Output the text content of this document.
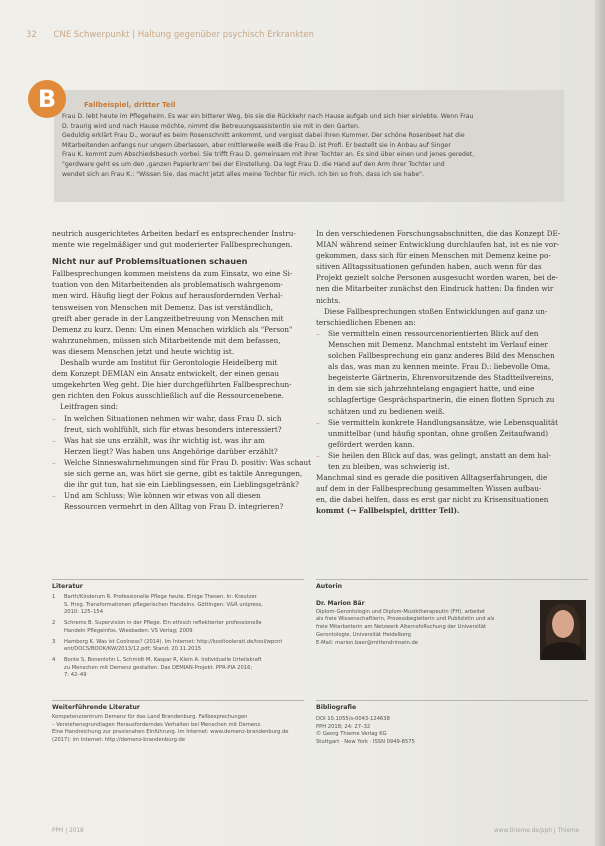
32 CNE Schwerpunkt | Haltung gegenüber psychisch Erkrankten
B	Fallbeispiel, dritter Teil
Frau D. lebt heute im Pflegeheim. Es war ein bitterer Weg, bis sie die Rückkehr nach Hause aufgab und sich hier einlebte. Wenn Frau
D. traurig wird und nach Hause möchte, nimmt die Betreuungsassistentin sie mit in den Garten.
Geduldig erklärt Frau D., worauf es beim Rosenschnitt ankommt, und vergisst dabei ihren Kummer. Der schöne Rosenbeet hat die
Mitarbeitenden anfangs nur ungern überlassen, aber mittlerweile weiß die Frau D. ist Profi. Er bestellt sie in Anbau auf Singer
Frau K. kommt zum Abschiedsbesuch vorbei. Sie trifft Frau D. gemeinsam mit ihrer Tochter an. Es sind über einen und jenes geredet,
"gerdware geht es um den ,ganzen Papierkram' bei der Einstellung. Da legt Frau D. die Hand auf den Arm ihrer Tochter und
wendet sich an Frau K.: "Wissen Sie, das macht jetzt alles meine Tochter für mich. Ich bin so froh, dass ich sie habe".
neutrich ausgerichtetes Arbeiten bedarf es entsprechender Instru-
mente wie regelmäßiger und gut moderierter Fallbesprechungen.
Nicht nur auf Problemsituationen schauen
Fallbesprechungen kommen meistens da zum Einsatz, wo eine Si-
tuation von den Mitarbeitenden als problematisch wahrgenom-
men wird. Häufig liegt der Fokus auf herausfordernden Verhal-
tensweisen von Menschen mit Demenz. Das ist verständlich,
greift aber gerade in der Langzeitbetreuung von Menschen mit
Demenz zu kurz. Denn: Um einen Menschen wirklich als "Person"
wahrzunehmen, müssen sich Mitarbeitende mit dem befassen,
was diesem Menschen jetzt und heute wichtig ist.
Deshalb wurde am Institut für Gerontologie Heidelberg mit
dem Konzept DEMIAN ein Ansatz entwickelt, der einen genau
umgekehrten Weg geht. Die hier durchgeführten Fallbesprechun-
gen richten den Fokus ausschließlich auf die Ressourcenebene.
Leitfragen sind:
–	In welchen Situationen nehmen wir wahr, dass Frau D. sich
freut, sich wohlfühlt, sich für etwas besonders interessiert?
–	Was hat sie uns erzählt, was ihr wichtig ist, was ihr am
Herzen liegt? Was haben uns Angehörige darüber erzählt?
–	Welche Sinneswahrnehmungen sind für Frau D. positiv: Was schaut
sie sich gerne an, was hört sie gerne, gibt es taktile Anregungen,
die ihr gut tun, hat sie ein Lieblingsessen, ein Lieblingsgetränk?
–	Und am Schluss: Wie können wir etwas von all diesen
Ressourcen vermehrt in den Alltag von Frau D. integrieren?
In den verschiedenen Forschungsabschnitten, die das Konzept DE-
MIAN während seiner Entwicklung durchlaufen hat, ist es nie vor-
gekommen, dass sich für einen Menschen mit Demenz keine po-
sitiven Alltagssituationen gefunden haben, auch wenn für das
Projekt gezielt solche Personen ausgesucht worden waren, bei de-
nen die Mitarbeiter zunächst den Eindruck hatten: Da finden wir
nichts.
Diese Fallbesprechungen stoßen Entwicklungen auf ganz un-
terschiedlichen Ebenen an:
–	Sie vermitteln einen ressourcenorientierten Blick auf den
Menschen mit Demenz. Manchmal entsteht im Verlauf einer
solchen Fallbesprechung ein ganz anderes Bild des Menschen
als das, was man zu kennen meinte. Frau D.: liebevolle Oma,
begeisterte Gärtnerin, Ehrenvorsitzende des Stadtteilvereins,
in dem sie sich jahrzehntelang engagiert hatte, und eine
schlagfertige Gesprächspartnerin, die einen flotten Spruch zu
schätzen und zu bedienen weiß.
–	Sie vermitteln konkrete Handlungsansätze, wie Lebensqualität
unmittelbar (und häufig spontan, ohne großen Zeitaufwand)
gefördert werden kann.
–	Sie heilen den Blick auf das, was gelingt, anstatt an dem hal-
ten zu bleiben, was schwierig ist.
Manchmal sind es gerade die positiven Alltagserfahrungen, die
auf dem in der Fallbesprechung gesammelten Wissen aufbau-
en, die dabei helfen, dass es erst gar nicht zu Krisensituationen
kommt (→ Fallbeispiel, dritter Teil).
Literatur
1	Barth/Kinderum R. Professionelle Pflege heute. Einige Thesen. In: Kreutzer
S, Hrsg. Transformationen pflegerischen Handelns. Göttingen: V&R unipress,
2010: 125–154
2	Schrems B. Supervision in der Pflege. Ein ethisch reflektierter professionelle
Handeln Pflegeinfos. Wiesbaden: VS Verlag; 2009
3	Hamborg K. Was ist Coolness? (2014). Im Internet: http://kooltoolerati.de/tool/wpcnt
ent/DOCS/BOOK/KW/2013/12.pdf; Stand: 20.11.2015
4	Bonte S, Bonenlohn L, Schmidt M, Kaspar R, Klein A. Individuelle Urteilskraft
zu Menschen mit Demenz gestalten. Das DEMIAN-Projekt. PPR-PIA 2016;
7: 42–49
Weiterführende Literatur
Kompetenzzentrum Demenz für das Land Brandenburg. Fallbesprechungen
– Verstehensgrundlagen Herausforderndes Verhalten bei Menschen mit Demenz.
Eine Handreichung zur praxisnahen Einführung. Im Internet: www.demenz-brandenburg.de
(2017): im Internet: http://demenz-brandenburg.de
Autorin
Dr. Marion Bär
Diplom-Gerontologin und Diplom-Musiktherapeutin (FH), arbeitet
als freie Wissenschaftlerin, Prozessbegleiterin und Publizistin und als
freie Mitarbeiterin am Netzwerk AlternsfoRschung der Universität
Gerontologie, Universität Heidelberg
E-Mail: marion.baer@mittendrinsein.de
Bibliografie
DOI 10.1055/s-0043-124638
PPH 2018; 24: 27–32
© Georg Thieme Verlag KG
Stuttgart · New York · ISSN 0949-8575
PPH | 2018	www.thieme.de/pph | Thieme
